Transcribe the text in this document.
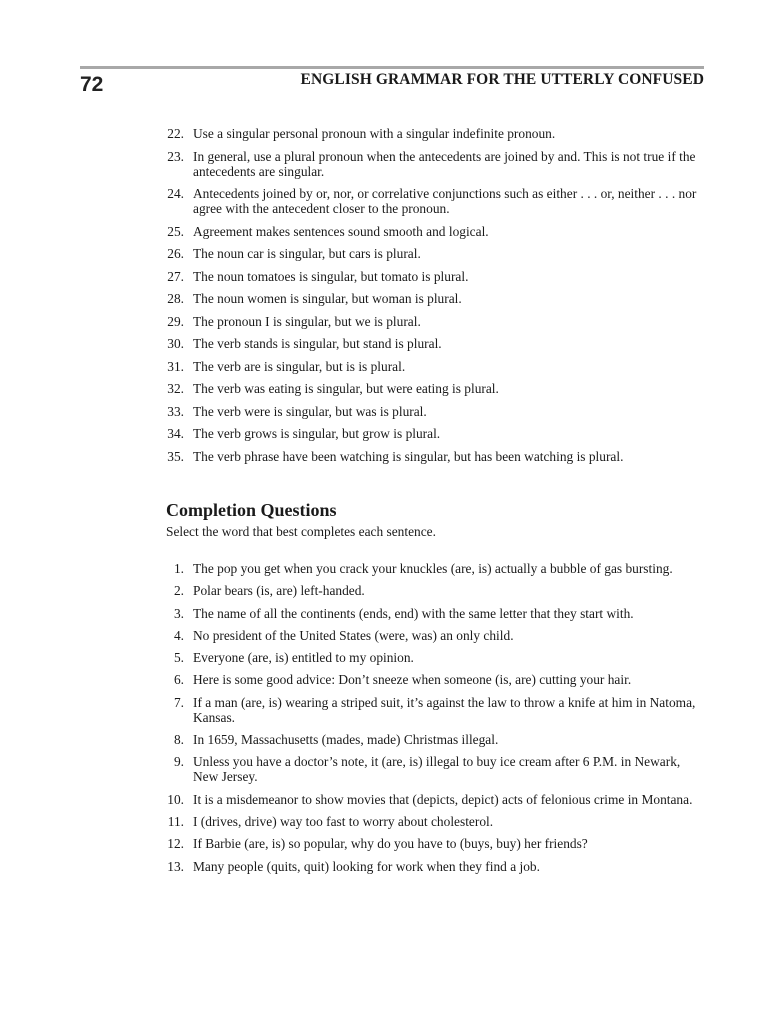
72	ENGLISH GRAMMAR FOR THE UTTERLY CONFUSED
22. Use a singular personal pronoun with a singular indefinite pronoun.
23. In general, use a plural pronoun when the antecedents are joined by and. This is not true if the antecedents are singular.
24. Antecedents joined by or, nor, or correlative conjunctions such as either . . . or, neither . . . nor agree with the antecedent closer to the pronoun.
25. Agreement makes sentences sound smooth and logical.
26. The noun car is singular, but cars is plural.
27. The noun tomatoes is singular, but tomato is plural.
28. The noun women is singular, but woman is plural.
29. The pronoun I is singular, but we is plural.
30. The verb stands is singular, but stand is plural.
31. The verb are is singular, but is is plural.
32. The verb was eating is singular, but were eating is plural.
33. The verb were is singular, but was is plural.
34. The verb grows is singular, but grow is plural.
35. The verb phrase have been watching is singular, but has been watching is plural.
Completion Questions
Select the word that best completes each sentence.
1. The pop you get when you crack your knuckles (are, is) actually a bubble of gas bursting.
2. Polar bears (is, are) left-handed.
3. The name of all the continents (ends, end) with the same letter that they start with.
4. No president of the United States (were, was) an only child.
5. Everyone (are, is) entitled to my opinion.
6. Here is some good advice: Don’t sneeze when someone (is, are) cutting your hair.
7. If a man (are, is) wearing a striped suit, it’s against the law to throw a knife at him in Natoma, Kansas.
8. In 1659, Massachusetts (mades, made) Christmas illegal.
9. Unless you have a doctor’s note, it (are, is) illegal to buy ice cream after 6 P.M. in Newark, New Jersey.
10. It is a misdemeanor to show movies that (depicts, depict) acts of felonious crime in Montana.
11. I (drives, drive) way too fast to worry about cholesterol.
12. If Barbie (are, is) so popular, why do you have to (buys, buy) her friends?
13. Many people (quits, quit) looking for work when they find a job.
